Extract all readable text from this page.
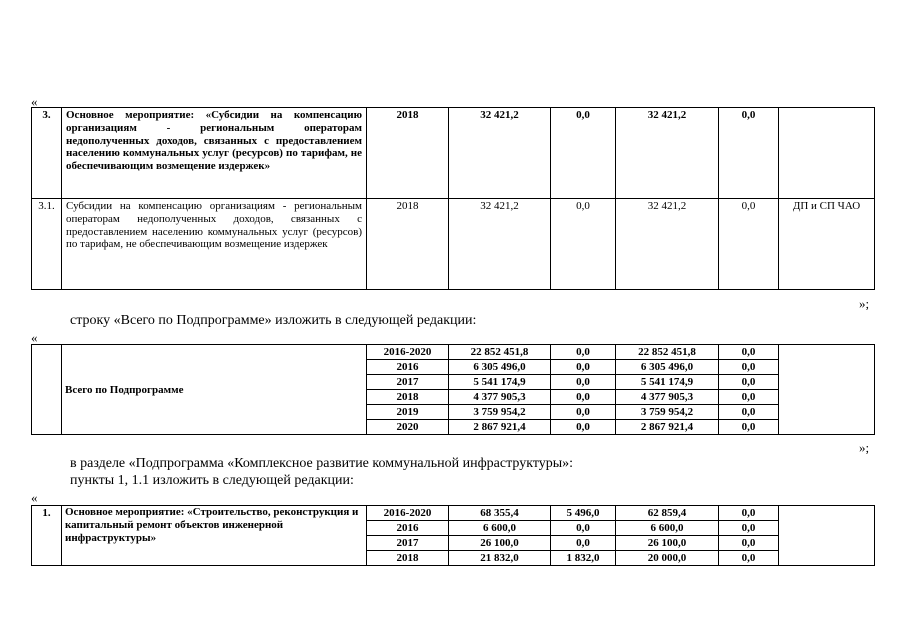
«
3.	Основное мероприятие: «Субсидии на компенсацию организациям - региональным операторам недополученных доходов, связанных с предоставлением населению коммунальных услуг (ресурсов) по тарифам, не обеспечивающим возмещение издержек»	2018	32 421,2	0,0	32 421,2	0,0	
3.1.	Субсидии на компенсацию организациям - региональным операторам недополученных доходов, связанных с предоставлением населению коммунальных услуг (ресурсов) по тарифам, не обеспечивающим возмещение издержек	2018	32 421,2	0,0	32 421,2	0,0	ДП и СП ЧАО
»;
строку «Всего по Подпрограмме» изложить в следующей редакции:
«
	Всего по Подпрограмме	2016-2020	22 852 451,8	0,0	22 852 451,8	0,0	
		2016	6 305 496,0	0,0	6 305 496,0	0,0	
		2017	5 541 174,9	0,0	5 541 174,9	0,0	
		2018	4 377 905,3	0,0	4 377 905,3	0,0	
		2019	3 759 954,2	0,0	3 759 954,2	0,0	
		2020	2 867 921,4	0,0	2 867 921,4	0,0	
»;
в разделе «Подпрограмма «Комплексное развитие коммунальной инфраструктуры»:
пункты 1, 1.1 изложить в следующей редакции:
«
1.	Основное мероприятие: «Строительство, реконструкция и капитальный ремонт объектов инженерной инфраструктуры»	2016-2020	68 355,4	5 496,0	62 859,4	0,0	
		2016	6 600,0	0,0	6 600,0	0,0	
		2017	26 100,0	0,0	26 100,0	0,0	
		2018	21 832,0	1 832,0	20 000,0	0,0	
